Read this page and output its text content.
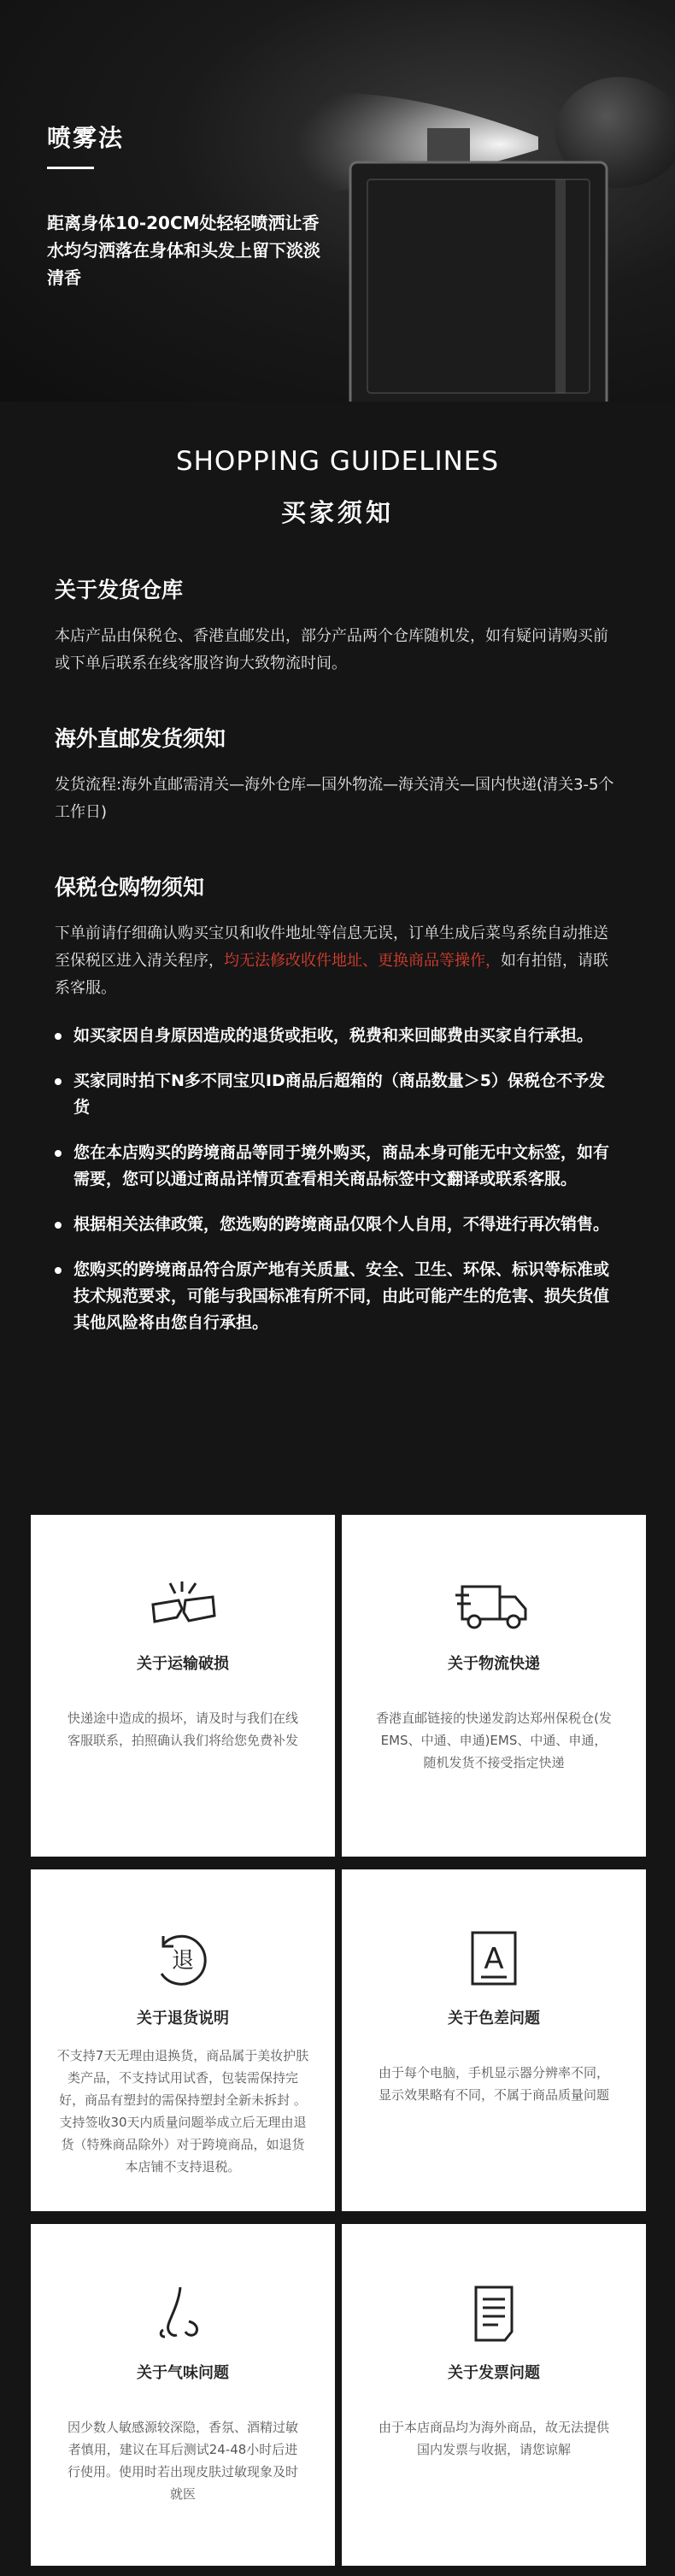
喷雾法
距离身体10-20CM处轻轻喷洒让香水均匀洒落在身体和头发上留下淡淡清香
SHOPPING GUIDELINES
买家须知
关于发货仓库
本店产品由保税仓、香港直邮发出，部分产品两个仓库随机发，如有疑问请购买前或下单后联系在线客服咨询大致物流时间。
海外直邮发货须知
发货流程:海外直邮需清关—海外仓库—国外物流—海关清关—国内快递(清关3-5个工作日)
保税仓购物须知
下单前请仔细确认购买宝贝和收件地址等信息无误，订单生成后菜鸟系统自动推送至保税区进入清关程序，均无法修改收件地址、更换商品等操作，如有拍错，请联系客服。
如买家因自身原因造成的退货或拒收，税费和来回邮费由买家自行承担。
买家同时拍下N多不同宝贝ID商品后超箱的（商品数量＞5）保税仓不予发货
您在本店购买的跨境商品等同于境外购买，商品本身可能无中文标签，如有需要，您可以通过商品详情页查看相关商品标签中文翻译或联系客服。
根据相关法律政策，您选购的跨境商品仅限个人自用，不得进行再次销售。
您购买的跨境商品符合原产地有关质量、安全、卫生、环保、标识等标准或技术规范要求，可能与我国标准有所不同，由此可能产生的危害、损失货值其他风险将由您自行承担。
关于运输破损
快递途中造成的损坏，请及时与我们在线客服联系，拍照确认我们将给您免费补发
关于物流快递
香港直邮链接的快递发韵达郑州保税仓(发EMS、中通、申通)EMS、中通、申通，随机发货不接受指定快递
退
关于退货说明
不支持7天无理由退换货，商品属于美妆护肤类产品，不支持试用试香，包装需保持完好，商品有塑封的需保持塑封全新未拆封 。支持签收30天内质量问题举成立后无理由退货（特殊商品除外）对于跨境商品，如退货本店铺不支持退税。
A
关于色差问题
由于每个电脑，手机显示器分辨率不同，显示效果略有不同，不属于商品质量问题
关于气味问题
因少数人敏感源较深隐，香氛、酒精过敏者慎用，建议在耳后测试24-48小时后进行使用。使用时若出现皮肤过敏现象及时就医
关于发票问题
由于本店商品均为海外商品，故无法提供国内发票与收据，请您谅解
